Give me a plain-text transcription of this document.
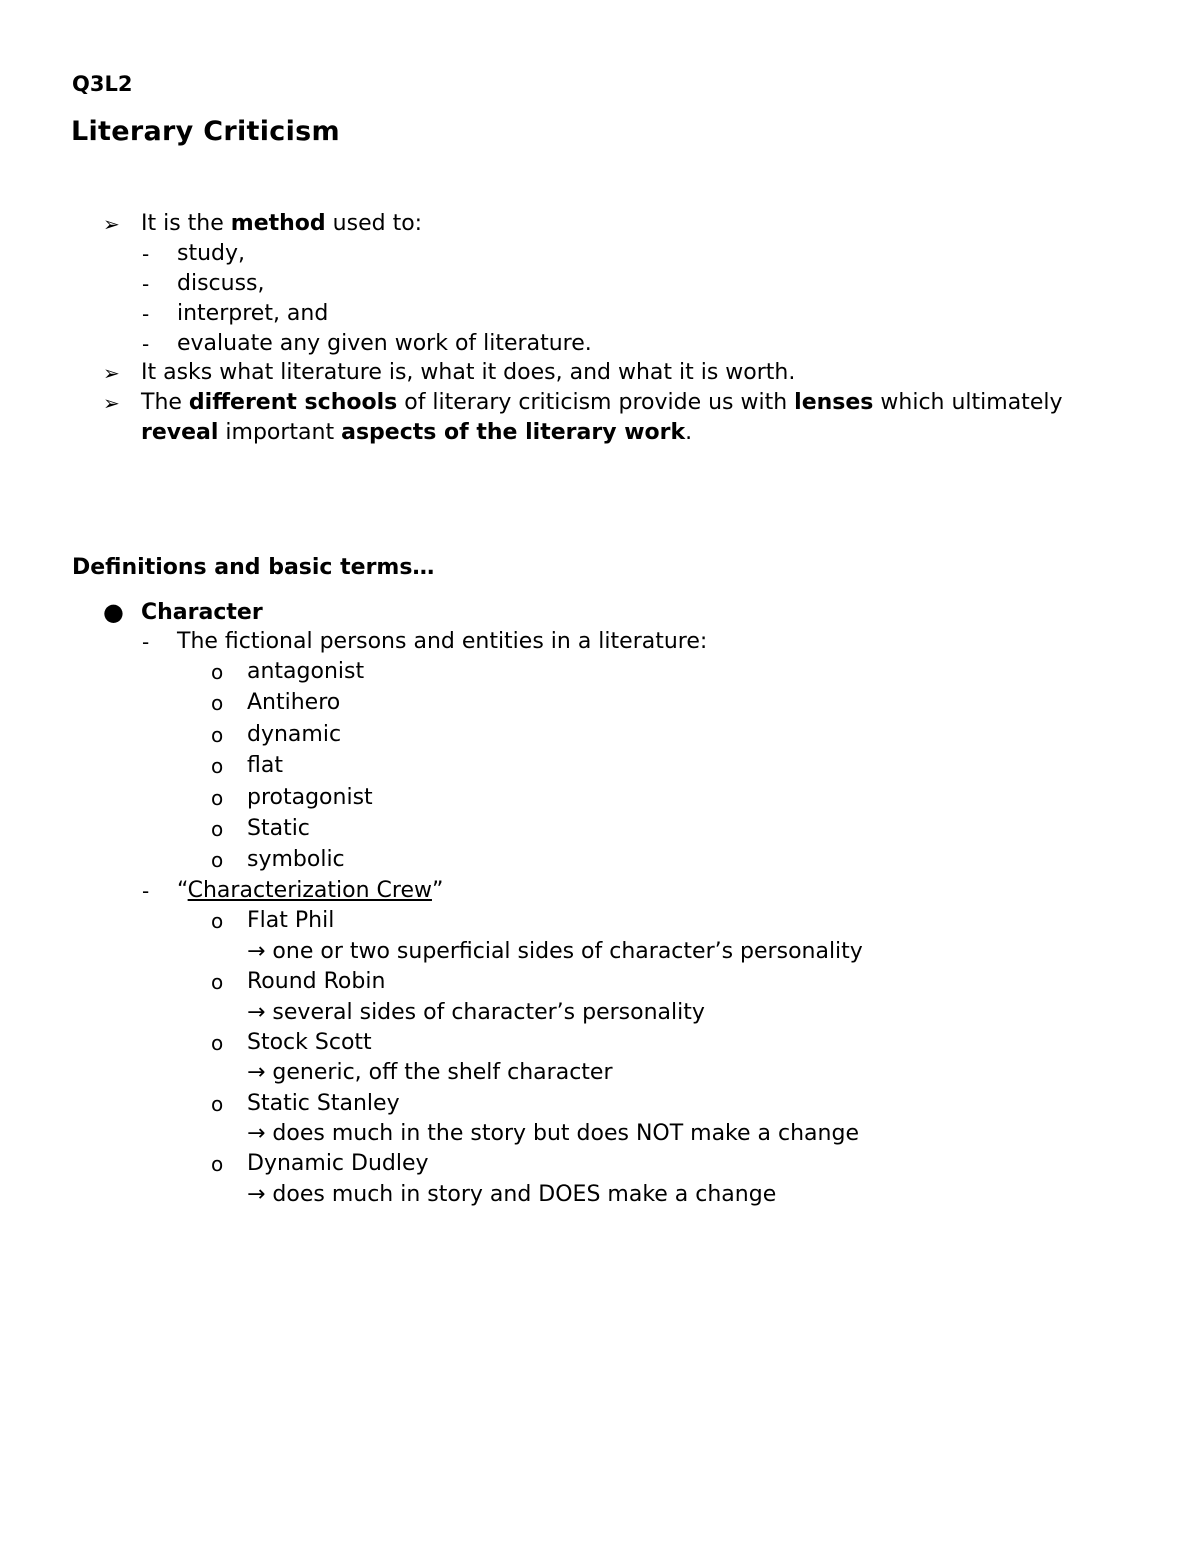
Q3L2
Literary Criticism
➢ It is the method used to:
- study,
- discuss,
- interpret, and
- evaluate any given work of literature.
➢ It asks what literature is, what it does, and what it is worth.
➢ The different schools of literary criticism provide us with lenses which ultimately
reveal important aspects of the literary work.
Definitions and basic terms…
● Character
- The fictional persons and entities in a literature:
o antagonist
o Antihero
o dynamic
o flat
o protagonist
o Static
o symbolic
- “Characterization Crew”
o Flat Phil
→ one or two superficial sides of character’s personality
o Round Robin
→ several sides of character’s personality
o Stock Scott
→ generic, off the shelf character
o Static Stanley
→ does much in the story but does NOT make a change
o Dynamic Dudley
→ does much in story and DOES make a change
